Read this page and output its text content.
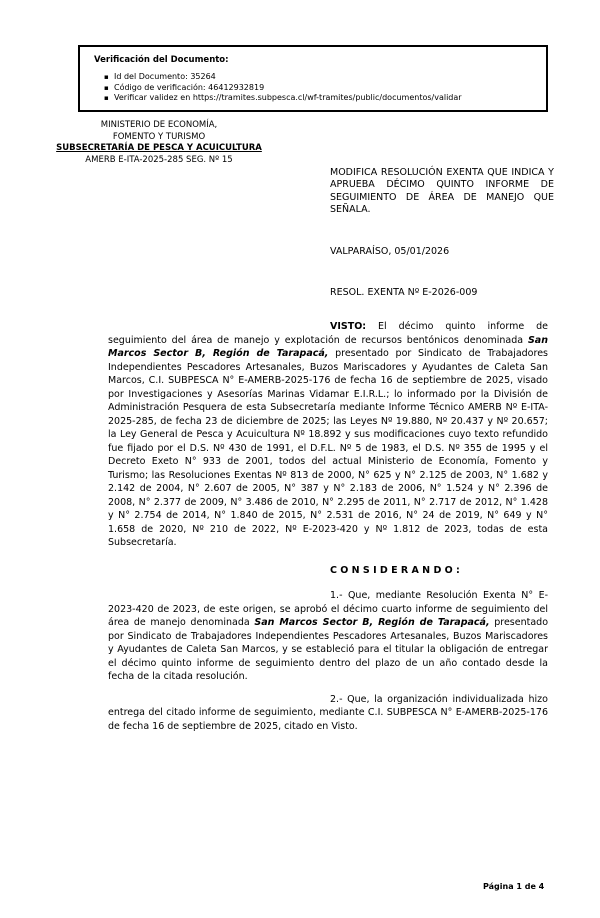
Verificación del Documento:

▪ Id del Documento: 35264
▪ Código de verificación: 46412932819
▪ Verificar validez en https://tramites.subpesca.cl/wf-tramites/public/documentos/validar
MINISTERIO DE ECONOMÍA,
FOMENTO Y TURISMO
SUBSECRETARÍA DE PESCA Y ACUICULTURA
AMERB E-ITA-2025-285 SEG. Nº 15
MODIFICA RESOLUCIÓN EXENTA QUE INDICA Y APRUEBA DÉCIMO QUINTO INFORME DE SEGUIMIENTO DE ÁREA DE MANEJO QUE SEÑALA.
VALPARAÍSO, 05/01/2026
RESOL. EXENTA Nº E-2026-009

VISTO: El décimo quinto informe de seguimiento del área de manejo y explotación de recursos bentónicos denominada San Marcos Sector B, Región de Tarapacá, presentado por Sindicato de Trabajadores Independientes Pescadores Artesanales, Buzos Mariscadores y Ayudantes de Caleta San Marcos, C.I. SUBPESCA N° E-AMERB-2025-176 de fecha 16 de septiembre de 2025, visado por Investigaciones y Asesorías Marinas Vidamar E.I.R.L.; lo informado por la División de Administración Pesquera de esta Subsecretaría mediante Informe Técnico AMERB Nº E-ITA-2025-285, de fecha 23 de diciembre de 2025; las Leyes Nº 19.880, Nº 20.437 y Nº 20.657; la Ley General de Pesca y Acuicultura Nº 18.892 y sus modificaciones cuyo texto refundido fue fijado por el D.S. Nº 430 de 1991, el D.F.L. Nº 5 de 1983, el D.S. Nº 355 de 1995 y el Decreto Exeto N° 933 de 2001, todos del actual Ministerio de Economía, Fomento y Turismo; las Resoluciones Exentas Nº 813 de 2000, N° 625 y N° 2.125 de 2003, N° 1.682 y 2.142 de 2004, N° 2.607 de 2005, N° 387 y N° 2.183 de 2006, N° 1.524 y N° 2.396 de 2008, N° 2.377 de 2009, N° 3.486 de 2010, N° 2.295 de 2011, N° 2.717 de 2012, N° 1.428 y N° 2.754 de 2014, N° 1.840 de 2015, N° 2.531 de 2016, N° 24 de 2019, N° 649 y N° 1.658 de 2020, Nº 210 de 2022, Nº E-2023-420 y Nº 1.812 de 2023, todas de esta Subsecretaría.

C O N S I D E R A N D O :

1.- Que, mediante Resolución Exenta N° E-2023-420 de 2023, de este origen, se aprobó el décimo cuarto informe de seguimiento del área de manejo denominada San Marcos Sector B, Región de Tarapacá, presentado por Sindicato de Trabajadores Independientes Pescadores Artesanales, Buzos Mariscadores y Ayudantes de Caleta San Marcos, y se estableció para el titular la obligación de entregar el décimo quinto informe de seguimiento dentro del plazo de un año contado desde la fecha de la citada resolución.

2.- Que, la organización individualizada hizo entrega del citado informe de seguimiento, mediante C.I. SUBPESCA N° E-AMERB-2025-176 de fecha 16 de septiembre de 2025, citado en Visto.

Página 1 de 4
